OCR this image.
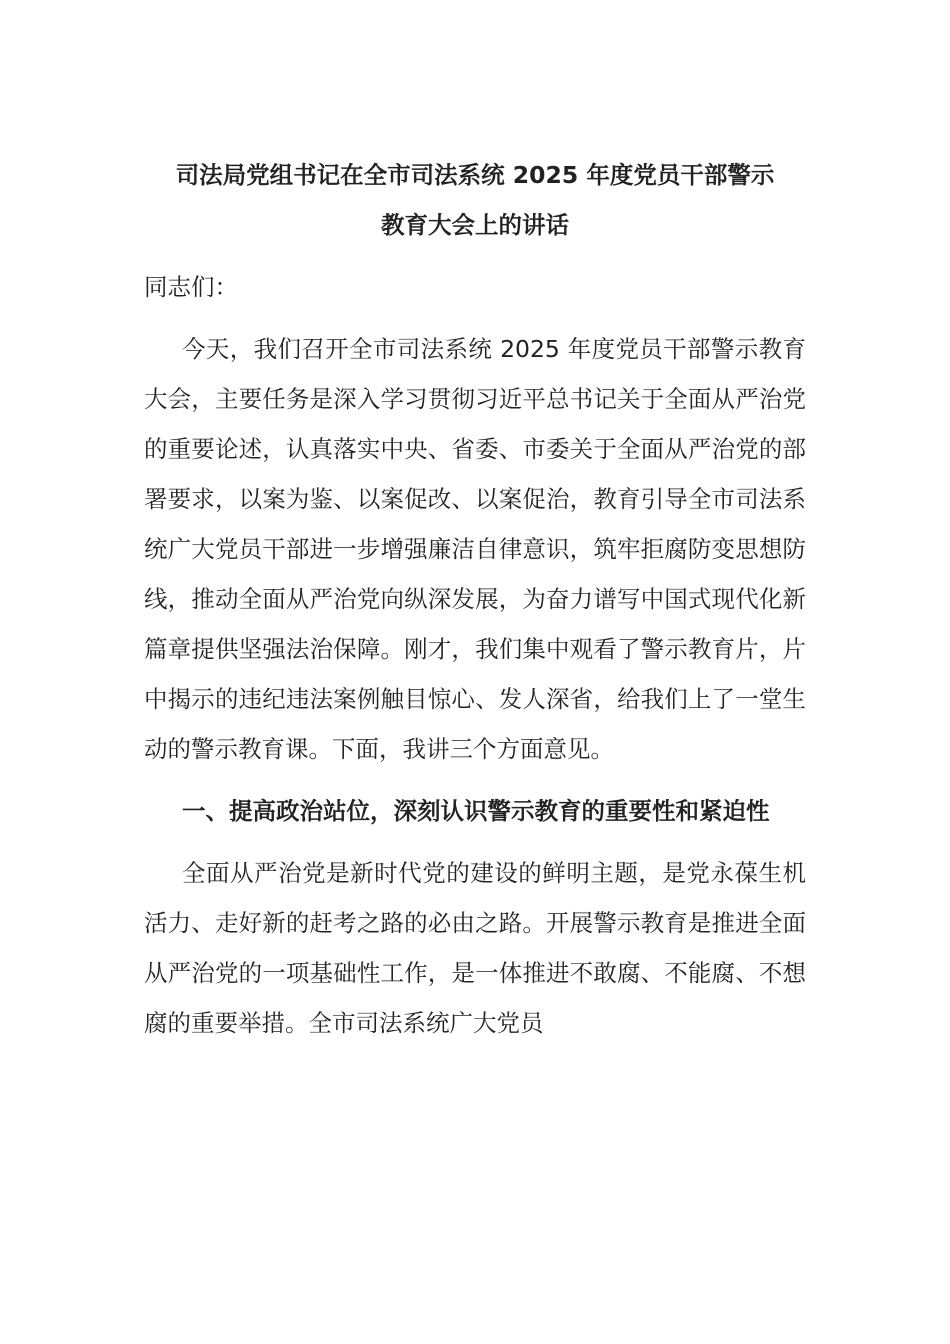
司法局党组书记在全市司法系统 2025 年度党员干部警示
教育大会上的讲话

同志们：

今天，我们召开全市司法系统 2025 年度党员干部警示教育大会，主要任务是深入学习贯彻习近平总书记关于全面从严治党的重要论述，认真落实中央、省委、市委关于全面从严治党的部署要求，以案为鉴、以案促改、以案促治，教育引导全市司法系统广大党员干部进一步增强廉洁自律意识，筑牢拒腐防变思想防线，推动全面从严治党向纵深发展，为奋力谱写中国式现代化新篇章提供坚强法治保障。刚才，我们集中观看了警示教育片，片中揭示的违纪违法案例触目惊心、发人深省，给我们上了一堂生动的警示教育课。下面，我讲三个方面意见。

一、提高政治站位，深刻认识警示教育的重要性和紧迫性

全面从严治党是新时代党的建设的鲜明主题，是党永葆生机活力、走好新的赶考之路的必由之路。开展警示教育是推进全面从严治党的一项基础性工作，是一体推进不敢腐、不能腐、不想腐的重要举措。全市司法系统广大党员
